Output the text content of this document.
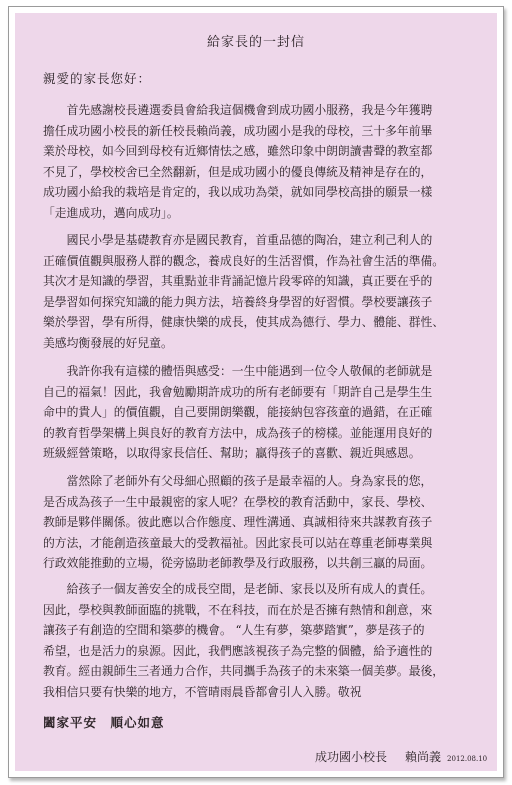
給家長的一封信
親愛的家長您好：

　　首先感謝校長遴選委員會給我這個機會到成功國小服務，我是今年獲聘
擔任成功國小校長的新任校長賴尚義，成功國小是我的母校，三十多年前畢
業於母校，如今回到母校有近鄉情怯之感，雖然印象中朗朗讀書聲的教室都
不見了，學校校舍已全然翻新，但是成功國小的優良傳統及精神是存在的，
成功國小給我的栽培是肯定的，我以成功為榮，就如同學校高掛的願景一樣
「走進成功，邁向成功」。

　　國民小學是基礎教育亦是國民教育，首重品德的陶冶，建立利己利人的
正確價值觀與服務人群的觀念，養成良好的生活習慣，作為社會生活的準備。
其次才是知識的學習，其重點並非背誦記憶片段零碎的知識，真正要在乎的
是學習如何探究知識的能力與方法，培養終身學習的好習慣。學校要讓孩子
樂於學習，學有所得，健康快樂的成長，使其成為德行、學力、體能、群性、
美感均衡發展的好兒童。

　　我許你我有這樣的體悟與感受：一生中能遇到一位令人敬佩的老師就是
自己的福氣！因此，我會勉勵期許成功的所有老師要有「期許自己是學生生
命中的貴人」的價值觀，自己要開朗樂觀，能接納包容孩童的過錯，在正確
的教育哲學架構上與良好的教育方法中，成為孩子的榜樣。並能運用良好的
班級經營策略，以取得家長信任、幫助；贏得孩子的喜歡、親近與感恩。

　　當然除了老師外有父母細心照顧的孩子是最幸福的人。身為家長的您，
是否成為孩子一生中最親密的家人呢？在學校的教育活動中，家長、學校、
教師是夥伴關係。彼此應以合作態度、理性溝通、真誠相待來共謀教育孩子
的方法，才能創造孩童最大的受教福祉。因此家長可以站在尊重老師專業與
行政效能推動的立場，從旁協助老師教學及行政服務，以共創三贏的局面。

　　給孩子一個友善安全的成長空間，是老師、家長以及所有成人的責任。
因此，學校與教師面臨的挑戰，不在科技，而在於是否擁有熱情和創意，來
讓孩子有創造的空間和築夢的機會。 “人生有夢，築夢踏實”，夢是孩子的
希望，也是活力的泉源。因此，我們應該視孩子為完整的個體，給予適性的
教育。經由親師生三者通力合作，共同攜手為孩子的未來築一個美夢。最後，
我相信只要有快樂的地方，不管晴雨晨昏都會引人入勝。敬祝

闔家平安　順心如意
成功國小校長 賴尚義 2012.08.10
